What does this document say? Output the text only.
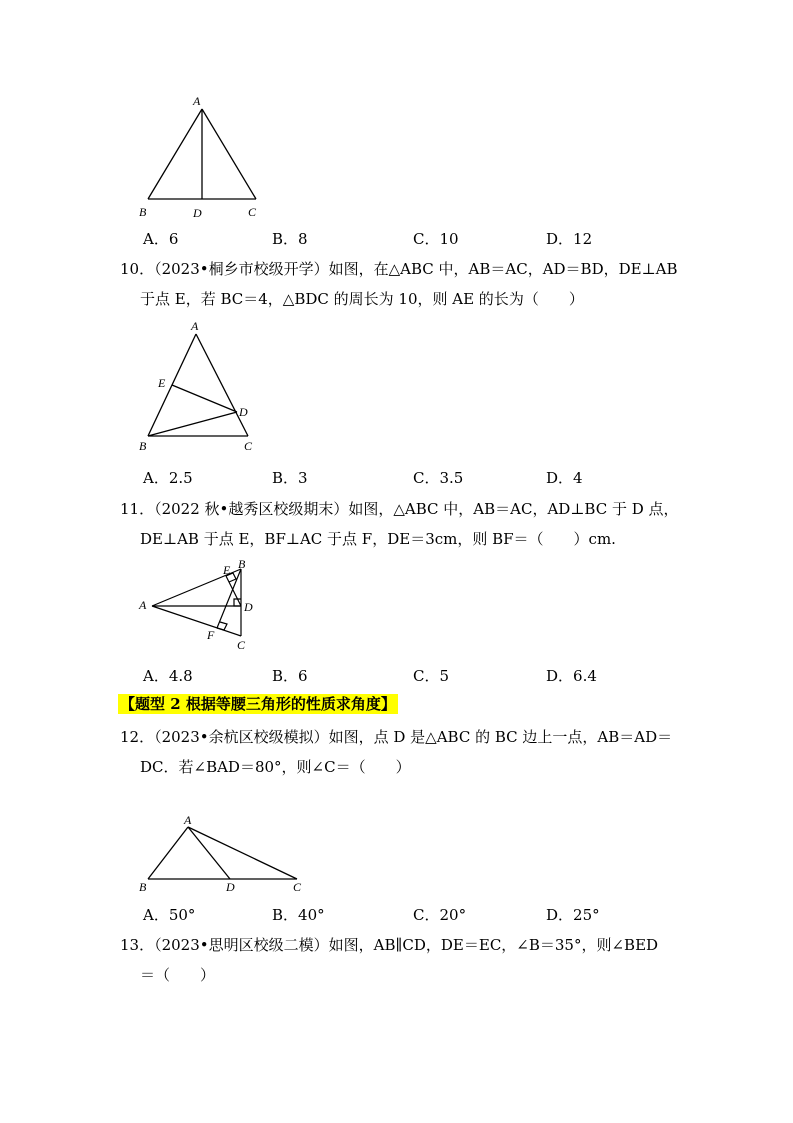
A
B	D	C
A．6	B．8	C．10	D．12
10．（2023•桐乡市校级开学）如图，在△ABC 中，AB＝AC，AD＝BD，DE⊥AB
于点 E，若 BC＝4，△BDC 的周长为 10，则 AE 的长为（　　）
A
E
D
B	C
A．2.5	B．3	C．3.5	D．4
11．（2022 秋•越秀区校级期末）如图，△ABC 中，AB＝AC，AD⊥BC 于 D 点，
DE⊥AB 于点 E，BF⊥AC 于点 F，DE＝3cm，则 BF＝（　　）cm.
A
E B
D
F
C
A．4.8	B．6	C．5	D．6.4
【题型 2 根据等腰三角形的性质求角度】
12．（2023•余杭区校级模拟）如图，点 D 是△ABC 的 BC 边上一点，AB＝AD＝
DC．若∠BAD＝80°，则∠C＝（　　）
A
B	D	C
A．50°	B．40°	C．20°	D．25°
13．（2023•思明区校级二模）如图，AB∥CD，DE＝EC，∠B＝35°，则∠BED
＝（　　）
